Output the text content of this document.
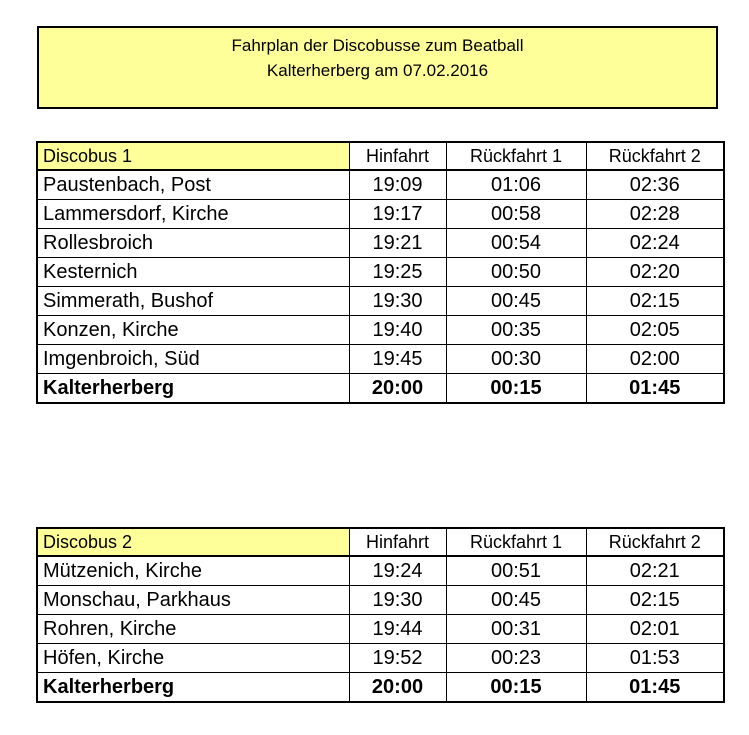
Fahrplan der Discobusse zum Beatball
Kalterherberg am 07.02.2016
Discobus 1	Hinfahrt	Rückfahrt 1	Rückfahrt 2
Paustenbach, Post	19:09	01:06	02:36
Lammersdorf, Kirche	19:17	00:58	02:28
Rollesbroich	19:21	00:54	02:24
Kesternich	19:25	00:50	02:20
Simmerath, Bushof	19:30	00:45	02:15
Konzen, Kirche	19:40	00:35	02:05
Imgenbroich, Süd	19:45	00:30	02:00
Kalterherberg	20:00	00:15	01:45
Discobus 2	Hinfahrt	Rückfahrt 1	Rückfahrt 2
Mützenich, Kirche	19:24	00:51	02:21
Monschau, Parkhaus	19:30	00:45	02:15
Rohren, Kirche	19:44	00:31	02:01
Höfen, Kirche	19:52	00:23	01:53
Kalterherberg	20:00	00:15	01:45
